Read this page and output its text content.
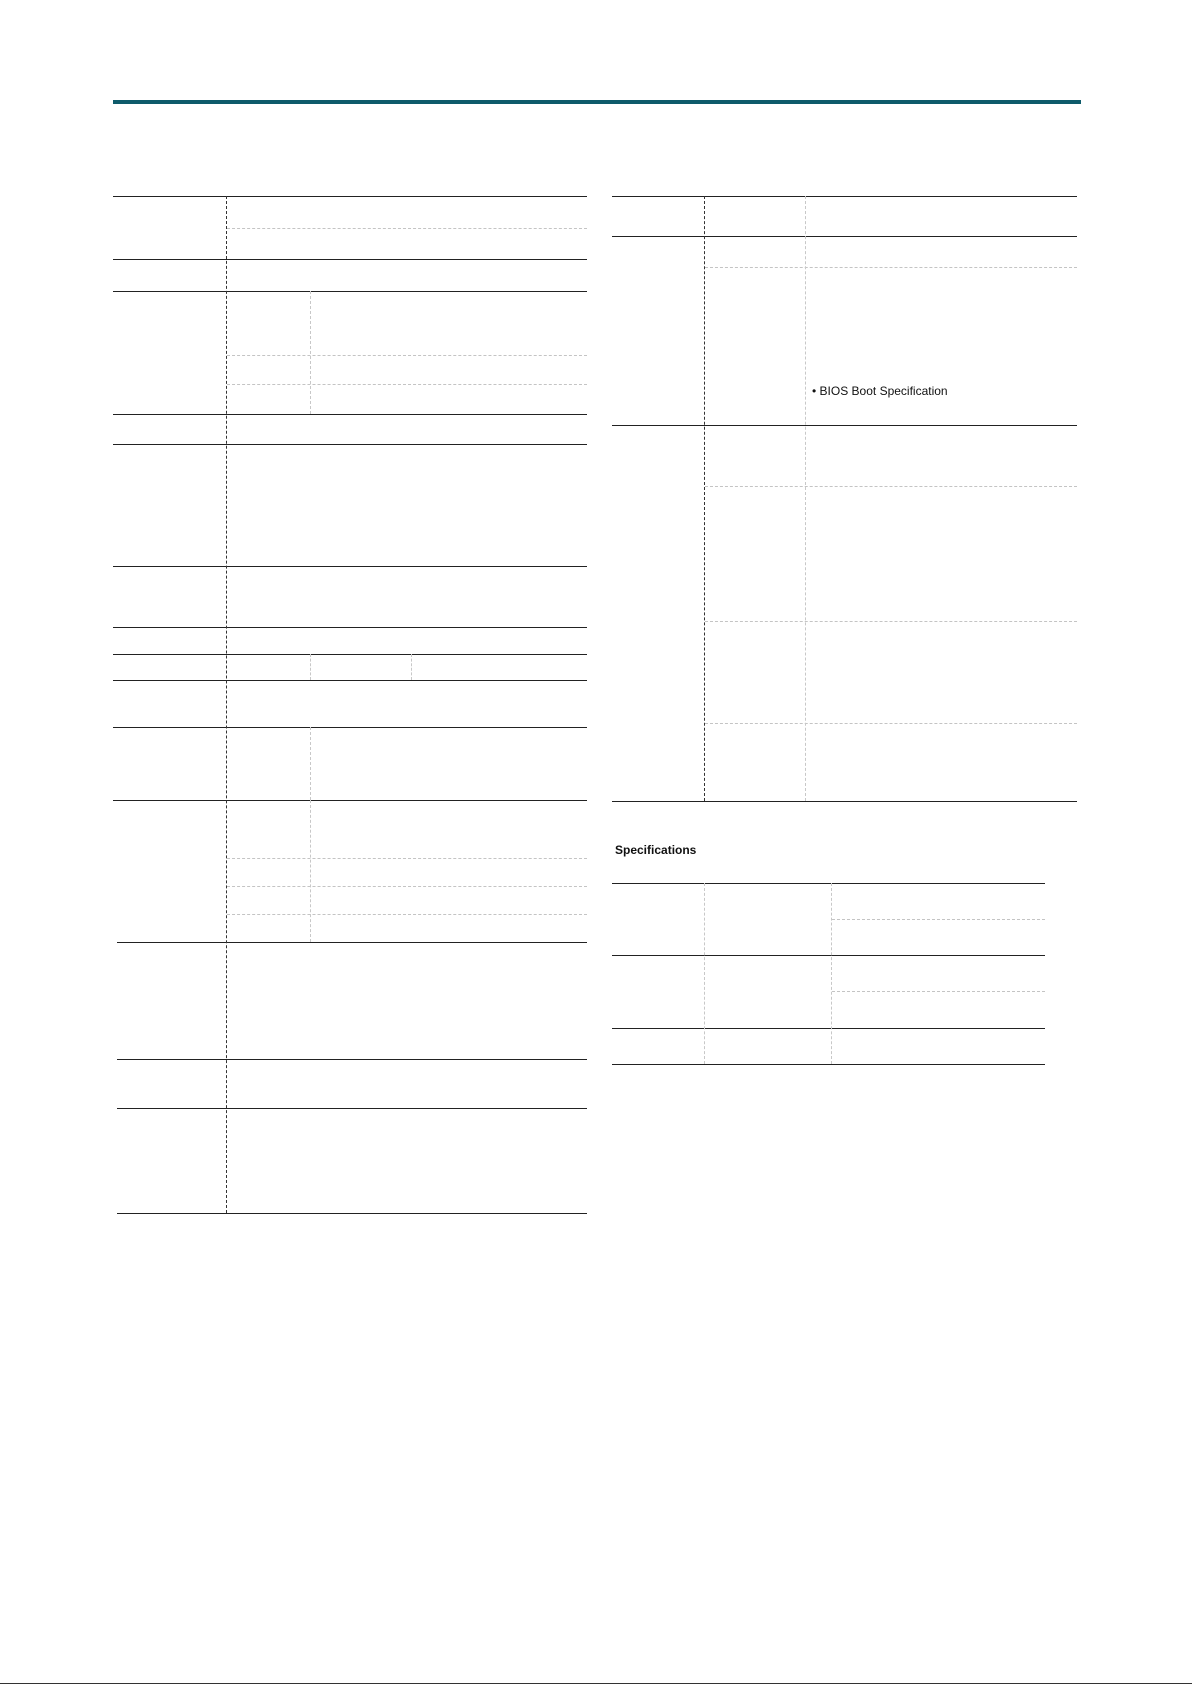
• BIOS Boot Specification
Specifications
